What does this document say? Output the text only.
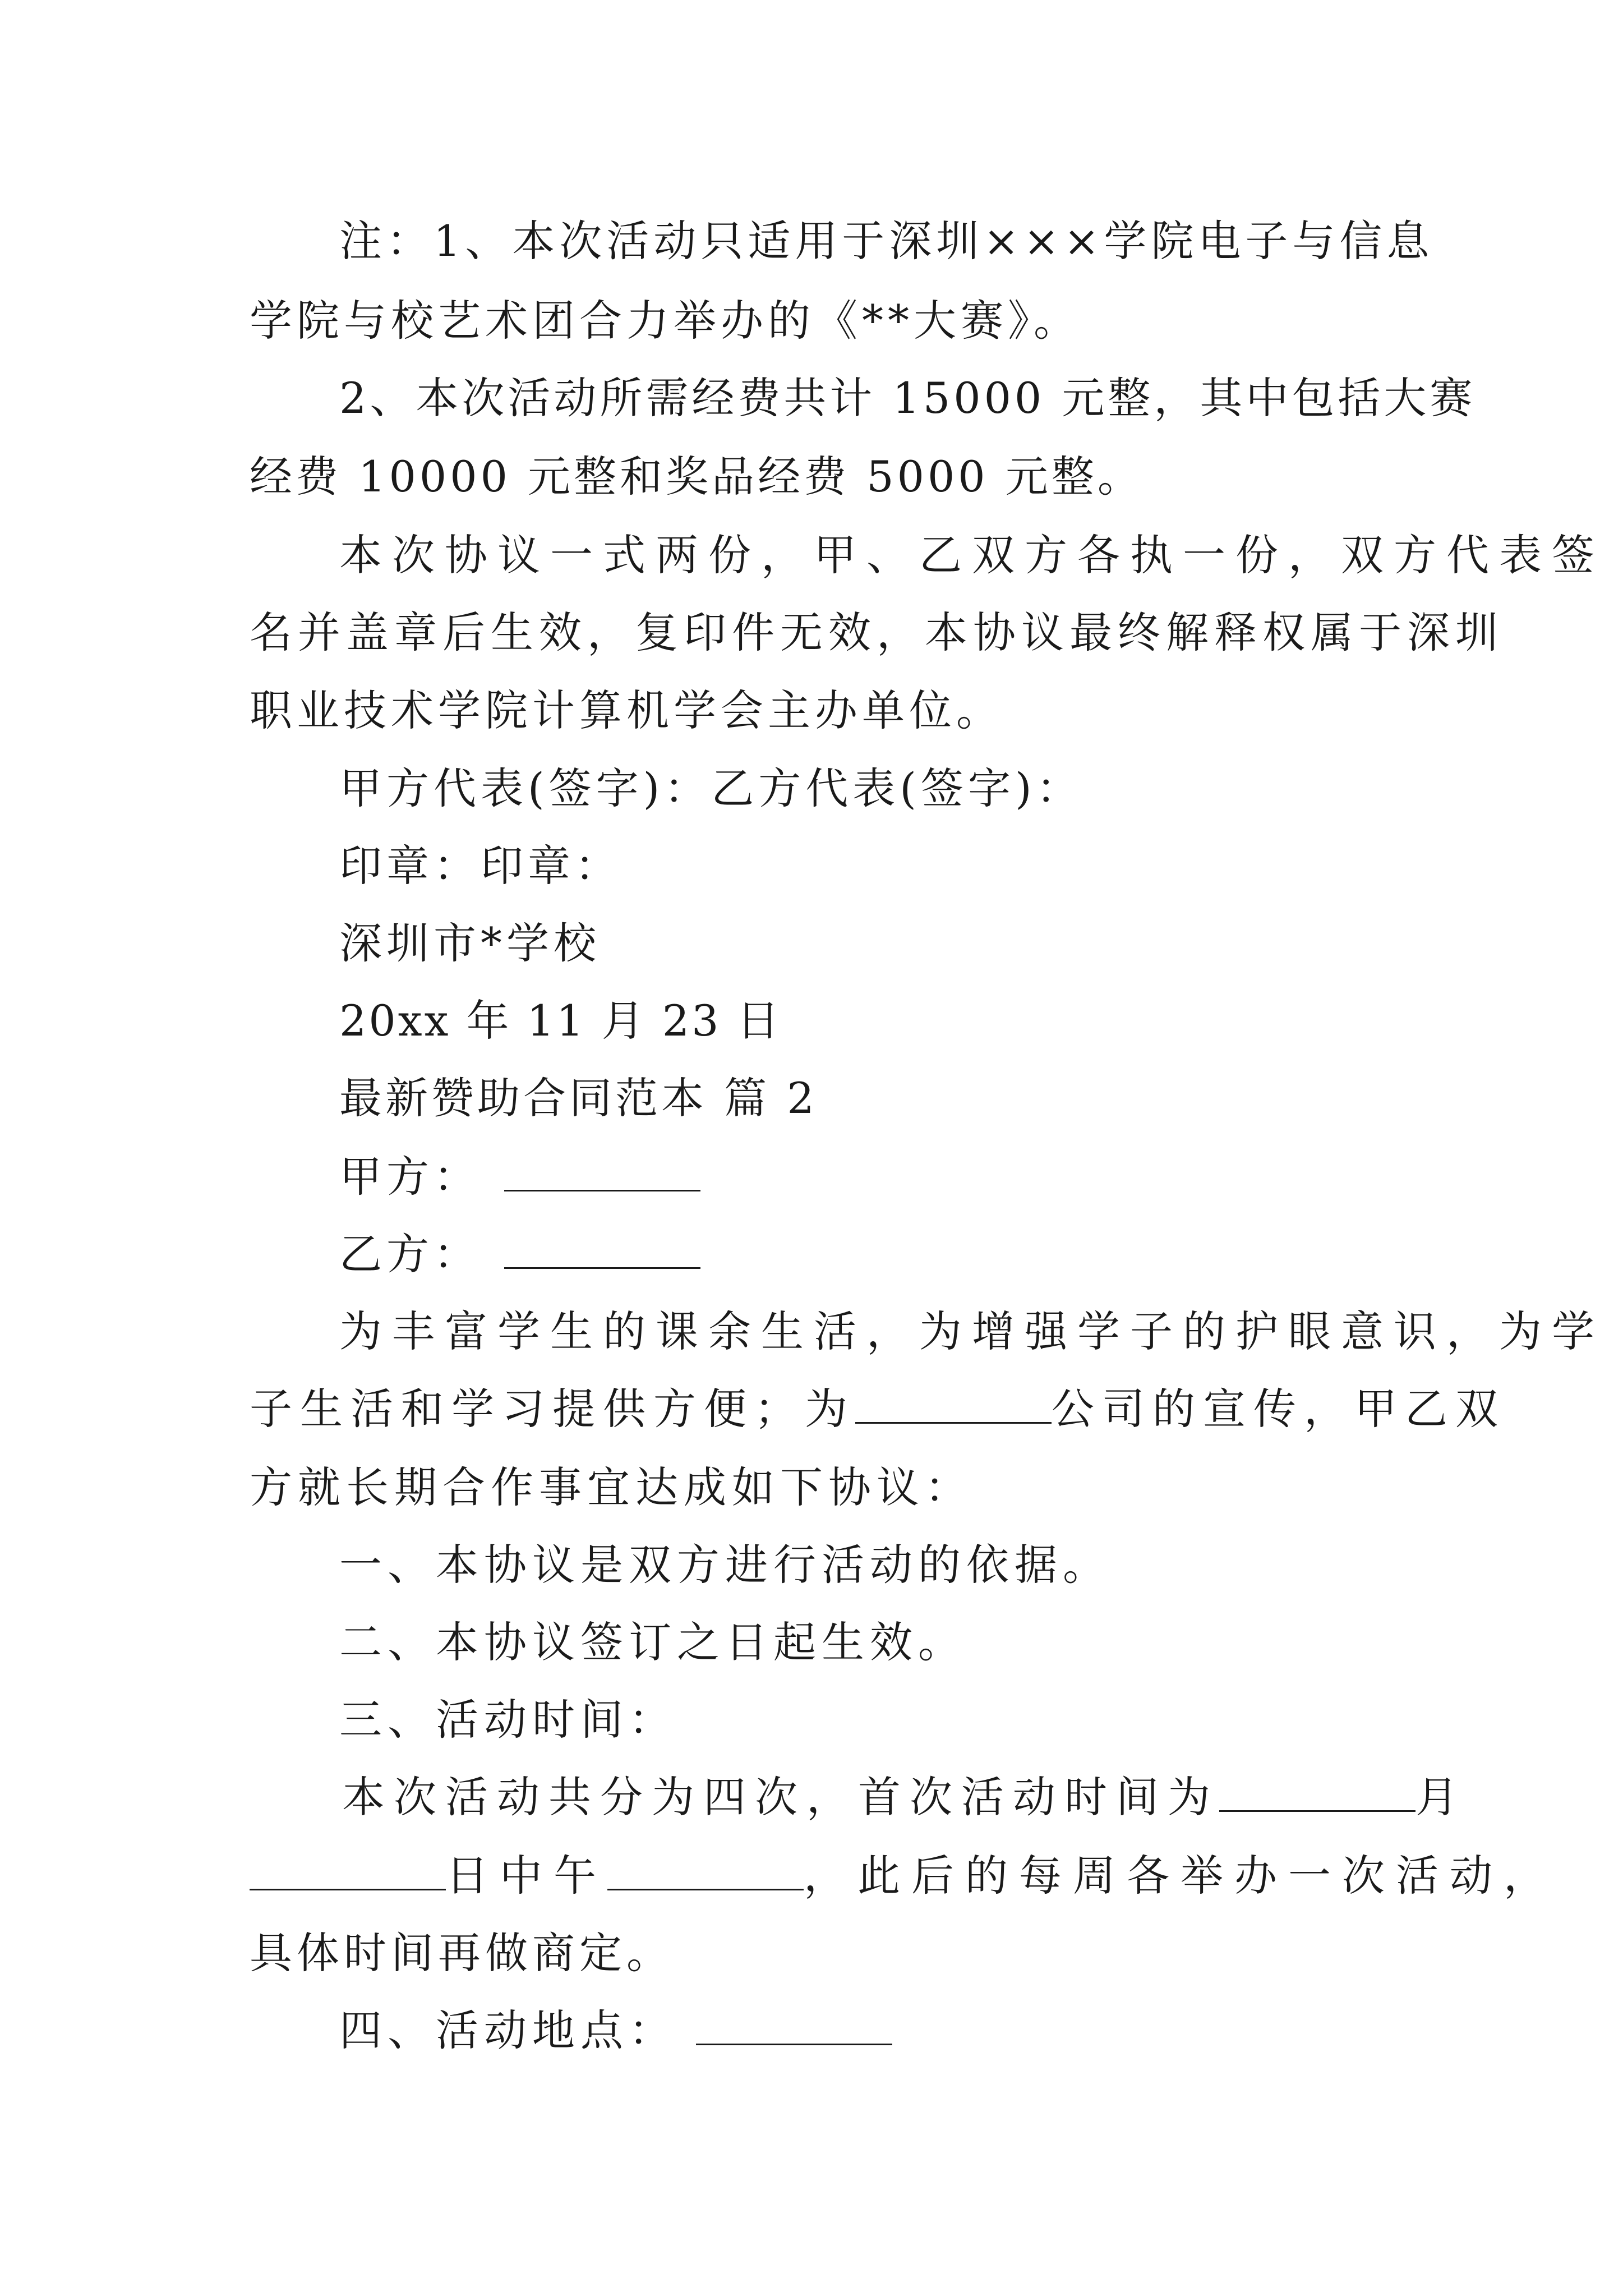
注：1、本次活动只适用于深圳×××学院电子与信息
学院与校艺术团合力举办的《**大赛》。
2、本次活动所需经费共计 15000 元整，其中包括大赛
经费 10000 元整和奖品经费 5000 元整。
本次协议一式两份，甲、乙双方各执一份，双方代表签
名并盖章后生效，复印件无效，本协议最终解释权属于深圳
职业技术学院计算机学会主办单位。
甲方代表(签字)：乙方代表(签字)：
印章：印章：
深圳市*学校
20xx 年 11 月 23 日
最新赞助合同范本 篇 2
甲方：
乙方：
为丰富学生的课余生活，为增强学子的护眼意识，为学
子生活和学习提供方便；为	公司的宣传，甲乙双
方就长期合作事宜达成如下协议：
一、本协议是双方进行活动的依据。
二、本协议签订之日起生效。
三、活动时间：
本次活动共分为四次，首次活动时间为	月
日中午	，此后的每周各举办一次活动，
具体时间再做商定。
四、活动地点：
